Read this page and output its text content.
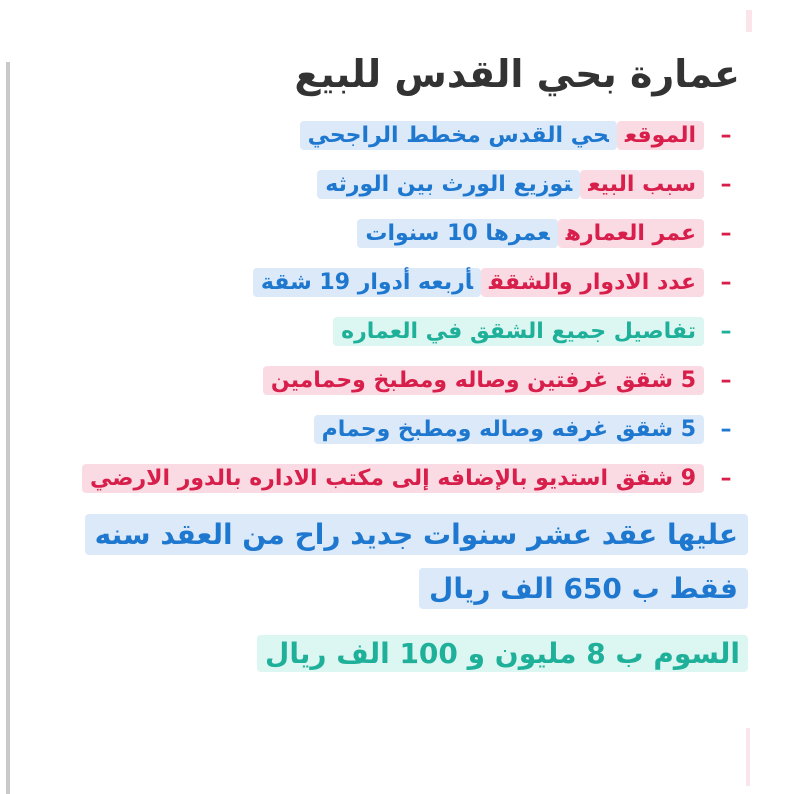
عمارة بحي القدس للبيع
–
الموقعحي القدس مخطط الراجحي
–
سبب البيعتوزيع الورث بين الورثه
–
عمر العمارهعمرها 10 سنوات
–
عدد الادوار والشققأربعه أدوار 19 شقة
–
تفاصيل جميع الشقق في العماره
–
5 شقق غرفتين وصاله ومطبخ وحمامين
–
5 شقق غرفه وصاله ومطبخ وحمام
–
9 شقق استديو بالإضافه إلى مكتب الاداره بالدور الارضي
عليها عقد عشر سنوات جديد راح من العقد سنه فقط ب 650 الف ريال
السوم ب 8 مليون و 100 الف ريال
